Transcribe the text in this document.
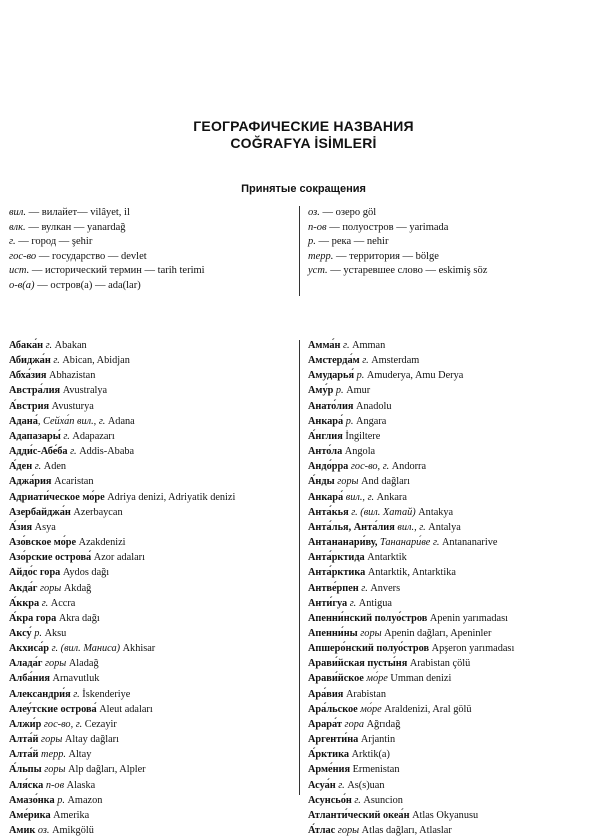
ГЕОГРАФИЧЕСКИЕ НАЗВАНИЯ
COĞRAFYA İSİMLERİ
Принятые сокращения
вил. — вилайет— vilâyet, il
влк. — вулкан — yanardağ
г. — город — şehir
гос-во — государство — devlet
ист. — исторический термин — tarih terimi
о-в(а) — остров(а) — ada(lar)
оз. — озеро göl
п-ов — полуостров — yarimada
р. — река — nehir
терр. — территория — bölge
уст. — устаревшее слово — eskimiş söz
Абака́н г. Abakan
Абиджа́н г. Abican, Abidjan
Абха́зия Abhazistan
Австра́лия Avustralya
А́встрия Avusturya
Адана́, Сейха́п вил., г. Adana
Адапазары́ г. Adapazarı
Адди́с-Абе́ба г. Addis-Ababa
А́ден г. Aden
Аджа́рия Acaristan
Адриати́ческое мо́ре Adriya denizi, Adriyatik denizi
Азербайджа́н Azerbaycan
А́зия Asya
Азо́вское мо́ре Azakdenizi
Азо́рские острова́ Azor adaları
Айдо́с гора Aydos dağı
Акда́г горы Akdağ
А́ккра г. Accra
А́кра гора Akra dağı
Аксу́ р. Aksu
Акхиса́р г. (вил. Маниса) Akhisar
Алада́г горы Aladağ
Алба́ния Arnavutluk
Александри́я г. İskenderiye
Алеу́тские острова́ Aleut adaları
Алжи́р гос-во, г. Cezayir
Алта́й горы Altay dağları
Алта́й терр. Altay
А́льпы горы Alp dağları, Alpler
Аля́ска п-ов Alaska
Амазо́нка р. Amazon
Аме́рика Amerika
Амик оз. Amikgölü
Амма́н г. Amman
Амстерда́м г. Amsterdam
Амударья́ р. Amuderya, Amu Derya
Аму́р р. Amur
Анато́лия Anadolu
Анкара́ р. Angara
А́нглия İngiltere
Анто́ла Angola
Андо́рра гос-во, г. Andorra
А́нды горы And dağları
Анкара́ вил., г. Ankara
Анта́кья г. (вил. Хатай) Antakya
Анта́лья, Анта́лия вил., г. Antalya
Антананари́ву, Тананари́ве г. Antananarive
Анта́рктида Antarktik
Анта́рктика Antarktik, Antarktika
Антве́рпен г. Anvers
Анти́гуа г. Antigua
Апенни́нский полуо́стров Apenin yarımadası
Апенни́ны горы Apenin dağları, Apeninler
Апшеро́нский полуо́стров Apşeron yarımadası
Арави́йская пусты́ня Arabistan çölü
Арави́йское мо́ре Umman denizi
Ара́вия Arabistan
Ара́льское мо́ре Araldenizi, Aral gölü
Арара́т гора Ağrıdağ
Аргенти́на Arjantin
А́рктика Arktik(a)
Арме́ния Ermenistan
Асуа́н г. As(s)uan
Асунсьо́н г. Asuncion
Атланти́ческий океа́н Atlas Okyanusu
А́тлас горы Atlas dağları, Atlaslar
